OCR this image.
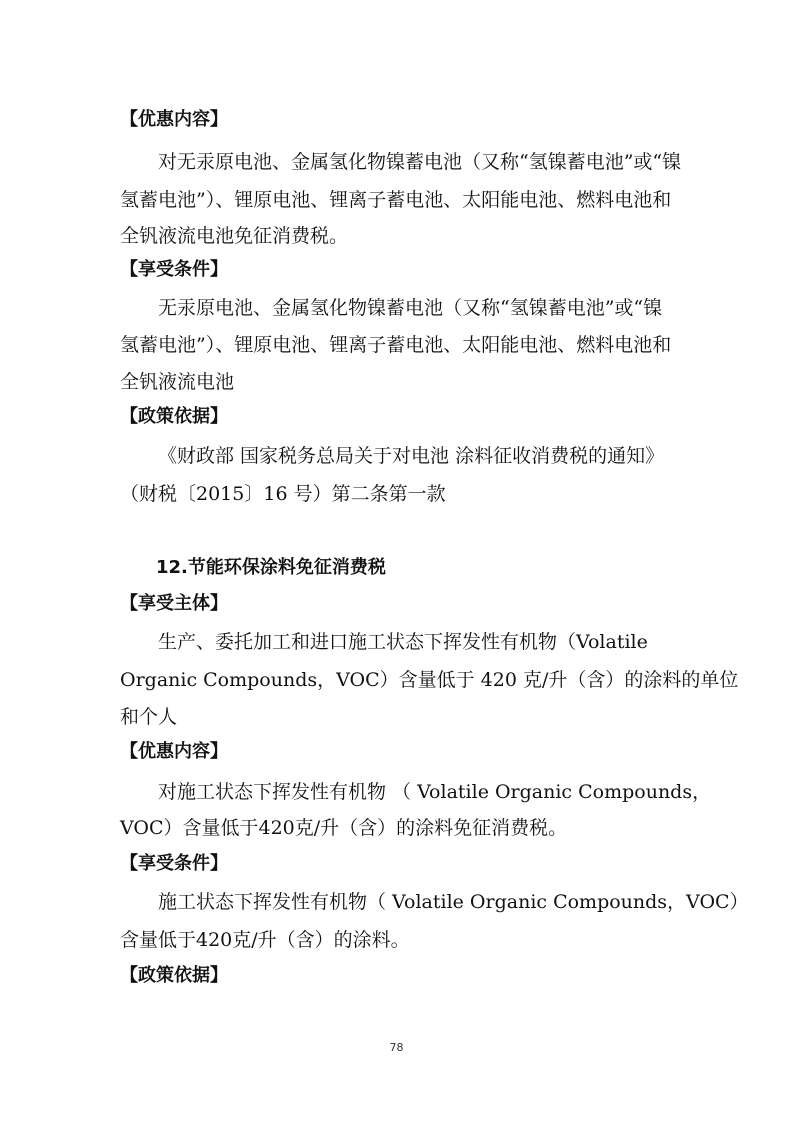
【优惠内容】
对无汞原电池、金属氢化物镍蓄电池（又称“氢镍蓄电池”或“镍
氢蓄电池”）、锂原电池、锂离子蓄电池、太阳能电池、燃料电池和
全钒液流电池免征消费税。
【享受条件】
无汞原电池、金属氢化物镍蓄电池（又称“氢镍蓄电池”或“镍
氢蓄电池”）、锂原电池、锂离子蓄电池、太阳能电池、燃料电池和
全钒液流电池
【政策依据】
《财政部 国家税务总局关于对电池 涂料征收消费税的通知》
（财税〔2015〕16 号）第二条第一款
12.节能环保涂料免征消费税
【享受主体】
生产、委托加工和进口施工状态下挥发性有机物（Volatile
Organic Compounds，VOC）含量低于 420 克/升（含）的涂料的单位
和个人
【优惠内容】
对施工状态下挥发性有机物 （ Volatile Organic Compounds，
VOC）含量低于420克/升（含）的涂料免征消费税。
【享受条件】
施工状态下挥发性有机物（ Volatile Organic Compounds，VOC）
含量低于420克/升（含）的涂料。
【政策依据】
78
